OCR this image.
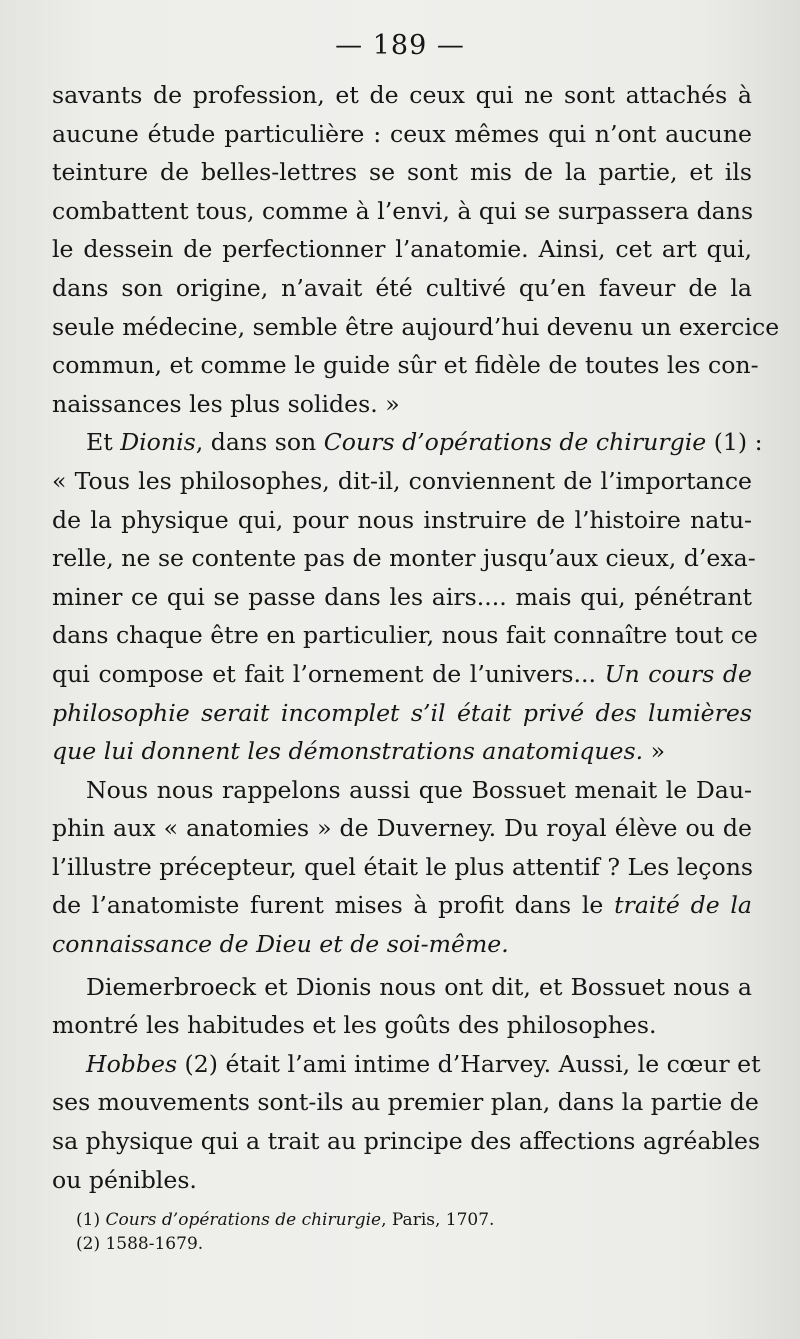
— 189 —
savants de profession, et de ceux qui ne sont attachés à
aucune étude particulière : ceux mêmes qui n’ont aucune
teinture de belles-lettres se sont mis de la partie, et ils
combattent tous, comme à l’envi, à qui se surpassera dans
le dessein de perfectionner l’anatomie. Ainsi, cet art qui,
dans son origine, n’avait été cultivé qu’en faveur de la
seule médecine, semble être aujourd’hui devenu un exercice
commun, et comme le guide sûr et fidèle de toutes les con-
naissances les plus solides. »
Et Dionis, dans son Cours d’opérations de chirurgie (1) :
« Tous les philosophes, dit-il, conviennent de l’importance
de la physique qui, pour nous instruire de l’histoire natu-
relle, ne se contente pas de monter jusqu’aux cieux, d’exa-
miner ce qui se passe dans les airs.... mais qui, pénétrant
dans chaque être en particulier, nous fait connaître tout ce
qui compose et fait l’ornement de l’univers... Un cours de
philosophie serait incomplet s’il était privé des lumières
que lui donnent les démonstrations anatomiques. »
Nous nous rappelons aussi que Bossuet menait le Dau-
phin aux « anatomies » de Duverney. Du royal élève ou de
l’illustre précepteur, quel était le plus attentif ? Les leçons
de l’anatomiste furent mises à profit dans le traité de la
connaissance de Dieu et de soi-même.
Diemerbroeck et Dionis nous ont dit, et Bossuet nous a
montré les habitudes et les goûts des philosophes.
Hobbes (2) était l’ami intime d’Harvey. Aussi, le cœur et
ses mouvements sont-ils au premier plan, dans la partie de
sa physique qui a trait au principe des affections agréables
ou pénibles.
(1) Cours d’opérations de chirurgie, Paris, 1707.
(2) 1588-1679.
